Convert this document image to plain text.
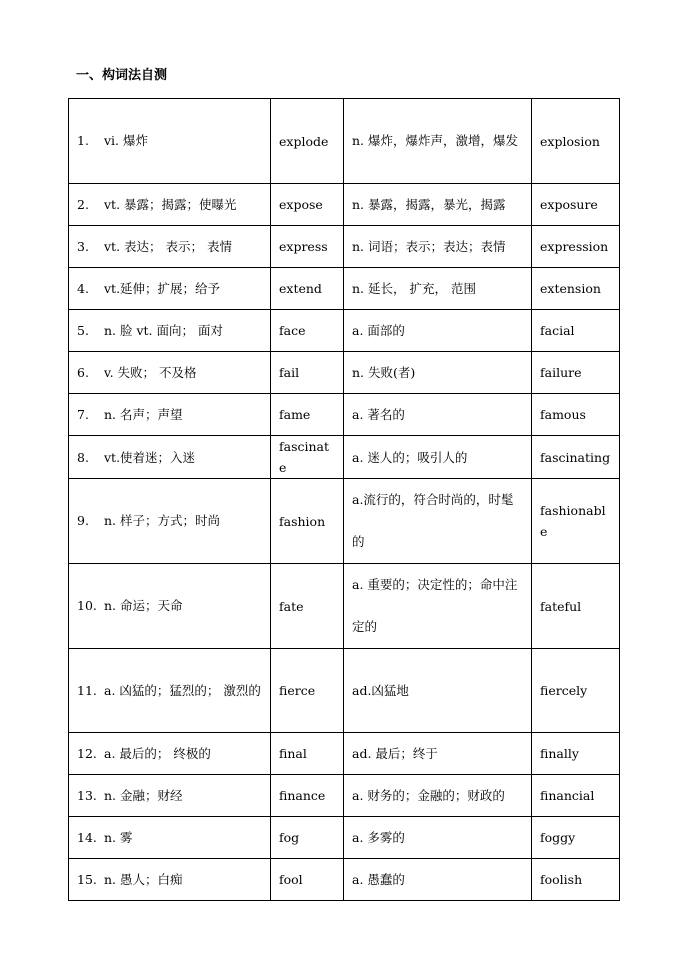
一、构词法自测
1. vi. 爆炸	explode	n. 爆炸，爆炸声，激增，爆发	explosion
2. vt. 暴露；揭露；使曝光	expose	n. 暴露，揭露，暴光，揭露	exposure
3. vt. 表达； 表示； 表情	express	n. 词语；表示；表达；表情	expression
4. vt.延伸；扩展；给予	extend	n. 延长， 扩充， 范围	extension
5. n. 脸 vt. 面向； 面对	face	a. 面部的	facial
6. v. 失败； 不及格	fail	n. 失败(者)	failure
7. n. 名声；声望	fame	a. 著名的	famous
8. vt.使着迷；入迷	fascinate	a. 迷人的；吸引人的	fascinating
9. n. 样子；方式；时尚	fashion	a.流行的，符合时尚的，时髦的	fashionable
10. n. 命运；天命	fate	a. 重要的；决定性的；命中注定的	fateful
11. a. 凶猛的；猛烈的； 激烈的	fierce	ad.凶猛地	fiercely
12. a. 最后的； 终极的	final	ad. 最后；终于	finally
13. n. 金融；财经	finance	a. 财务的；金融的；财政的	financial
14. n. 雾	fog	a. 多雾的	foggy
15. n. 愚人；白痴	fool	a. 愚蠢的	foolish
